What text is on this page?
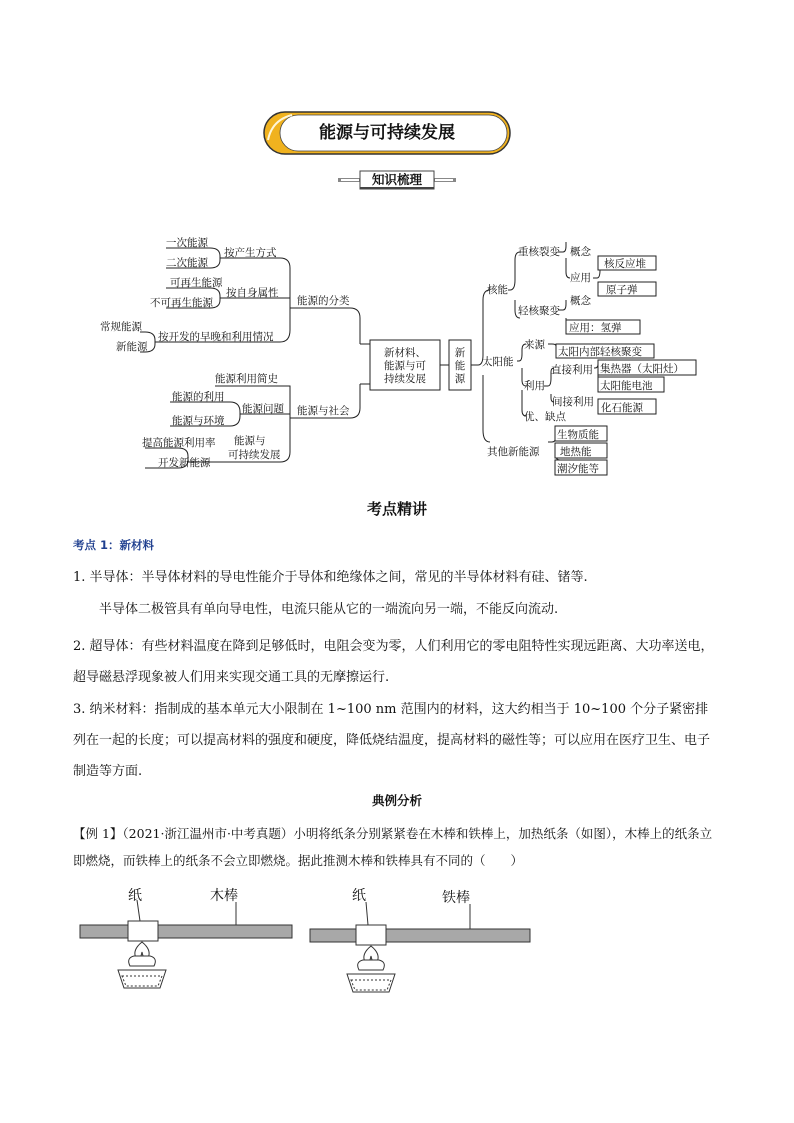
能源与可持续发展
知识梳理
一次能源
二次能源
按产生方式
可再生能源
不可再生能源
按自身属性
常规能源
新能源
按开发的早晚和利用情况
能源的分类
能源利用简史
能源的利用
能源与环境
能源问题 能源与社会
提高能源利用率
开发新能源
能源与
可持续发展
新材料、
能源与可
持续发展
新
能
源
核能
重核裂变 概念
应用
核反应堆
原子弹
轻核聚变
概念
应用：氢弹
太阳能
来源
太阳内部轻核聚变
利用
直接利用 集热器（太阳灶）
太阳能电池
间接利用 化石能源
优、缺点
其他新能源
生物质能
地热能
潮汐能等
考点精讲
考点 1：新材料
1. 半导体：半导体材料的导电性能介于导体和绝缘体之间，常见的半导体材料有硅、锗等.
半导体二极管具有单向导电性，电流只能从它的一端流向另一端，不能反向流动.
2. 超导体：有些材料温度在降到足够低时，电阻会变为零，人们利用它的零电阻特性实现远距离、大功率送电，超导磁悬浮现象被人们用来实现交通工具的无摩擦运行.
3. 纳米材料：指制成的基本单元大小限制在 1~100 nm 范围内的材料，这大约相当于 10~100 个分子紧密排列在一起的长度；可以提高材料的强度和硬度，降低烧结温度，提高材料的磁性等；可以应用在医疗卫生、电子制造等方面.
典例分析
【例 1】（2021·浙江温州市·中考真题）小明将纸条分别紧紧卷在木棒和铁棒上，加热纸条（如图），木棒上的纸条立即燃烧，而铁棒上的纸条不会立即燃烧。据此推测木棒和铁棒具有不同的（　　）
纸	木棒	纸	铁棒
